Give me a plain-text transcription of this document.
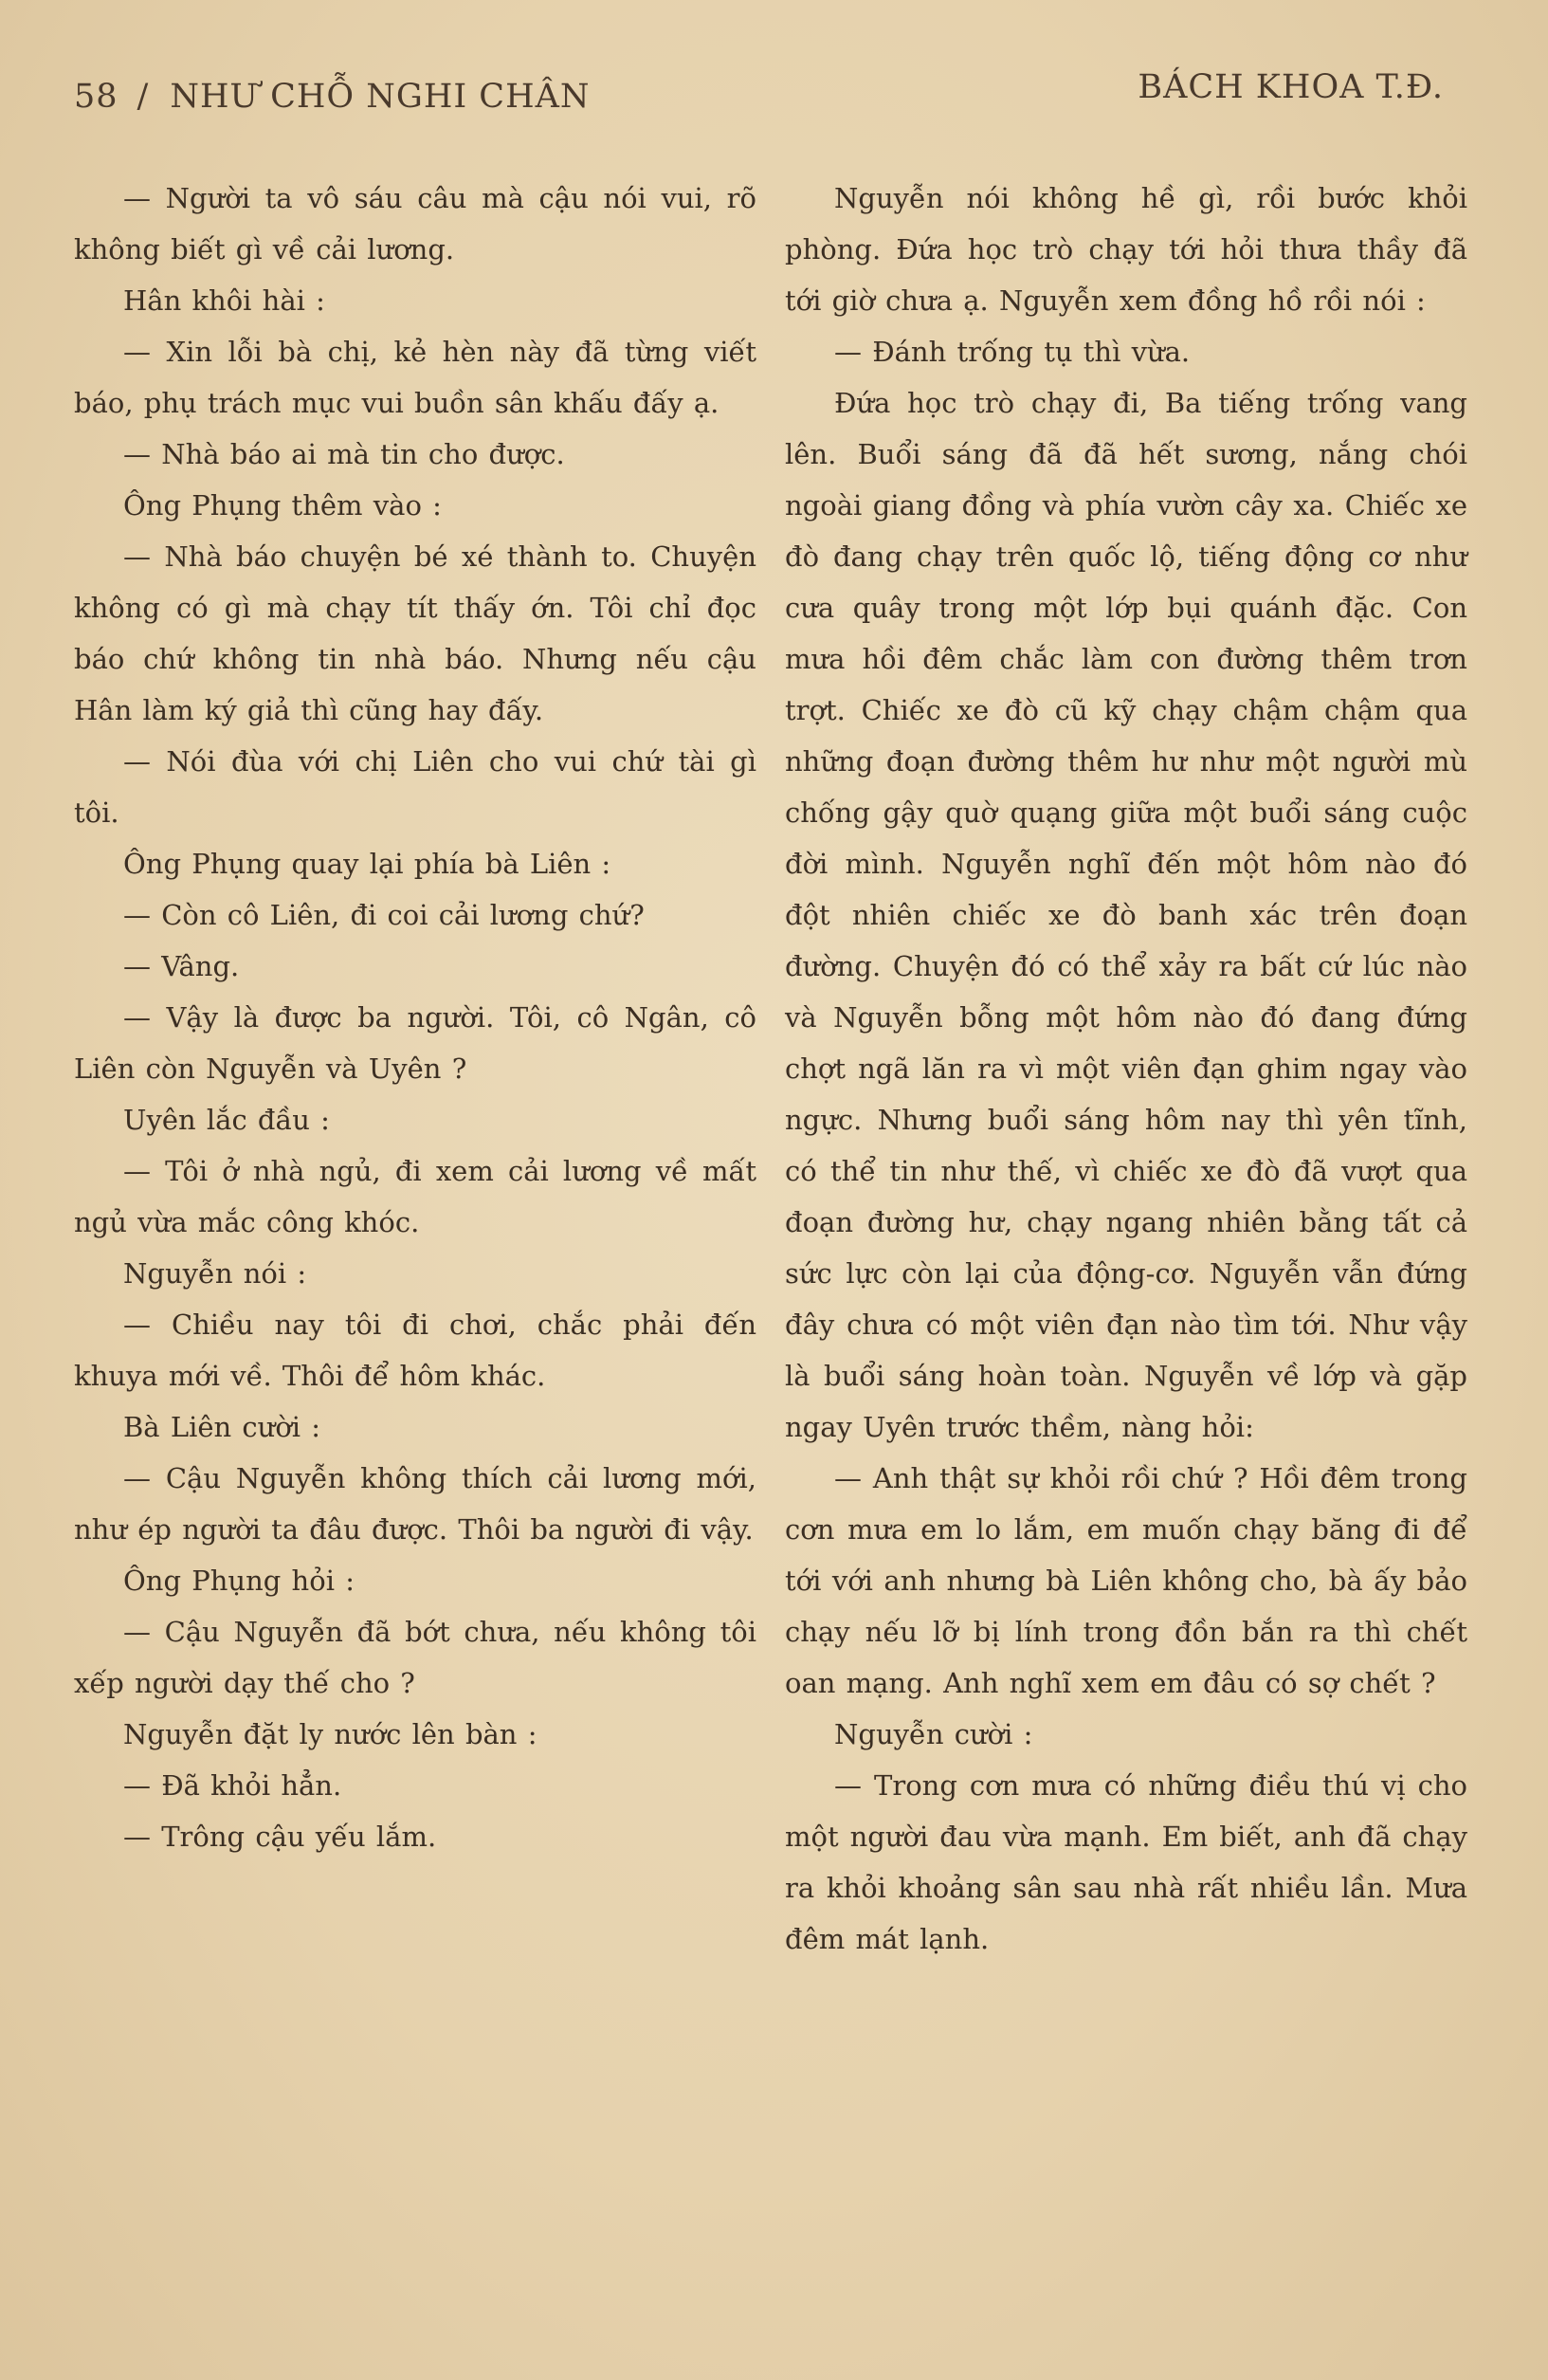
58 / NHƯ CHỖ NGHI CHÂN	BÁCH KHOA T.Đ.

— Người ta vô sáu câu mà cậu nói vui, rõ không biết gì về cải lương.

Hân khôi hài :

— Xin lỗi bà chị, kẻ hèn này đã từng viết báo, phụ trách mục vui buồn sân khấu đấy ạ.

— Nhà báo ai mà tin cho được.

Ông Phụng thêm vào :

— Nhà báo chuyện bé xé thành to. Chuyện không có gì mà chạy tít thấy ớn. Tôi chỉ đọc báo chứ không tin nhà báo. Nhưng nếu cậu Hân làm ký giả thì cũng hay đấy.

— Nói đùa với chị Liên cho vui chứ tài gì tôi.

Ông Phụng quay lại phía bà Liên :

— Còn cô Liên, đi coi cải lương chứ?

— Vâng.

— Vậy là được ba người. Tôi, cô Ngân, cô Liên còn Nguyễn và Uyên ?

Uyên lắc đầu :

— Tôi ở nhà ngủ, đi xem cải lương về mất ngủ vừa mắc công khóc.

Nguyễn nói :

— Chiều nay tôi đi chơi, chắc phải đến khuya mới về. Thôi để hôm khác.

Bà Liên cười :

— Cậu Nguyễn không thích cải lương mới, như ép người ta đâu được. Thôi ba người đi vậy.

Ông Phụng hỏi :

— Cậu Nguyễn đã bớt chưa, nếu không tôi xếp người dạy thế cho ?

Nguyễn đặt ly nước lên bàn :

— Đã khỏi hẳn.

— Trông cậu yếu lắm.

Nguyễn nói không hề gì, rồi bước khỏi phòng. Đứa học trò chạy tới hỏi thưa thầy đã tới giờ chưa ạ. Nguyễn xem đồng hồ rồi nói :

— Đánh trống tụ thì vừa.

Đứa học trò chạy đi, Ba tiếng trống vang lên. Buổi sáng đã đã hết sương, nắng chói ngoài giang đồng và phía vườn cây xa. Chiếc xe đò đang chạy trên quốc lộ, tiếng động cơ như cưa quây trong một lớp bụi quánh đặc. Con mưa hồi đêm chắc làm con đường thêm trơn trợt. Chiếc xe đò cũ kỹ chạy chậm chậm qua những đoạn đường thêm hư như một người mù chống gậy quờ quạng giữa một buổi sáng cuộc đời mình. Nguyễn nghĩ đến một hôm nào đó đột nhiên chiếc xe đò banh xác trên đoạn đường. Chuyện đó có thể xảy ra bất cứ lúc nào và Nguyễn bỗng một hôm nào đó đang đứng chợt ngã lăn ra vì một viên đạn ghim ngay vào ngực. Nhưng buổi sáng hôm nay thì yên tĩnh, có thể tin như thế, vì chiếc xe đò đã vượt qua đoạn đường hư, chạy ngang nhiên bằng tất cả sức lực còn lại của động-cơ. Nguyễn vẫn đứng đây chưa có một viên đạn nào tìm tới. Như vậy là buổi sáng hoàn toàn. Nguyễn về lớp và gặp ngay Uyên trước thềm, nàng hỏi:

— Anh thật sự khỏi rồi chứ ? Hồi đêm trong cơn mưa em lo lắm, em muốn chạy băng đi để tới với anh nhưng bà Liên không cho, bà ấy bảo chạy nếu lỡ bị lính trong đồn bắn ra thì chết oan mạng. Anh nghĩ xem em đâu có sợ chết ?

Nguyễn cười :

— Trong cơn mưa có những điều thú vị cho một người đau vừa mạnh. Em biết, anh đã chạy ra khỏi khoảng sân sau nhà rất nhiều lần. Mưa đêm mát lạnh.
